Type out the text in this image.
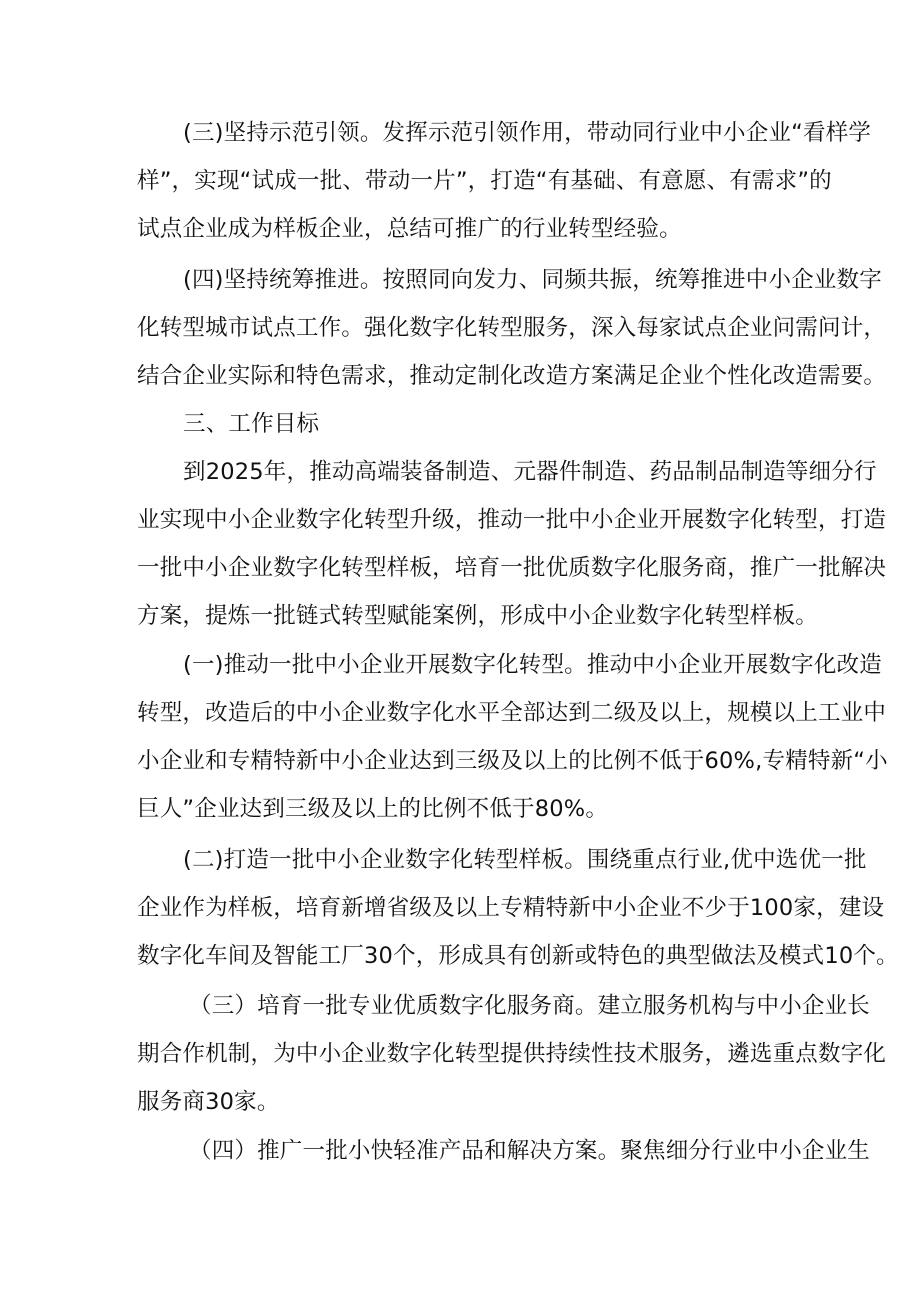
(三)坚持示范引领。发挥示范引领作用，带动同行业中小企业“看样学
样”，实现“试成一批、带动一片”，打造“有基础、有意愿、有需求”的
试点企业成为样板企业，总结可推广的行业转型经验。
(四)坚持统筹推进。按照同向发力、同频共振，统筹推进中小企业数字
化转型城市试点工作。强化数字化转型服务，深入每家试点企业问需问计，
结合企业实际和特色需求，推动定制化改造方案满足企业个性化改造需要。
三、工作目标
到2025年，推动高端装备制造、元器件制造、药品制品制造等细分行
业实现中小企业数字化转型升级，推动一批中小企业开展数字化转型，打造
一批中小企业数字化转型样板，培育一批优质数字化服务商，推广一批解决
方案，提炼一批链式转型赋能案例，形成中小企业数字化转型样板。
(一)推动一批中小企业开展数字化转型。推动中小企业开展数字化改造
转型，改造后的中小企业数字化水平全部达到二级及以上，规模以上工业中
小企业和专精特新中小企业达到三级及以上的比例不低于60%,专精特新“小
巨人”企业达到三级及以上的比例不低于80%。
(二)打造一批中小企业数字化转型样板。围绕重点行业,优中选优一批
企业作为样板，培育新增省级及以上专精特新中小企业不少于100家，建设
数字化车间及智能工厂30个，形成具有创新或特色的典型做法及模式10个。
（三）培育一批专业优质数字化服务商。建立服务机构与中小企业长
期合作机制，为中小企业数字化转型提供持续性技术服务，遴选重点数字化
服务商30家。
（四）推广一批小快轻准产品和解决方案。聚焦细分行业中小企业生
